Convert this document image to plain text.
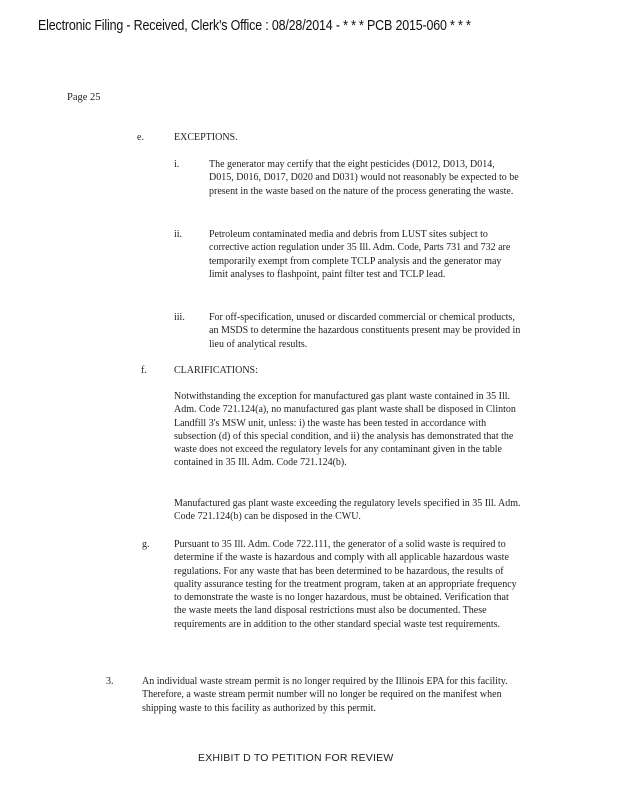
Electronic Filing - Received, Clerk's Office : 08/28/2014 - * * * PCB 2015-060 * * *
Page 25
e.	EXCEPTIONS.
i.	The generator may certify that the eight pesticides (D012, D013, D014, D015, D016, D017, D020 and D031) would not reasonably be expected to be present in the waste based on the nature of the process generating the waste.
ii.	Petroleum contaminated media and debris from LUST sites subject to corrective action regulation under 35 Ill. Adm. Code, Parts 731 and 732 are temporarily exempt from complete TCLP analysis and the generator may limit analyses to flashpoint, paint filter test and TCLP lead.
iii. For off-specification, unused or discarded commercial or chemical products, an MSDS to determine the hazardous constituents present may be provided in lieu of analytical results.
f.	CLARIFICATIONS:
Notwithstanding the exception for manufactured gas plant waste contained in 35 Ill. Adm. Code 721.124(a), no manufactured gas plant waste shall be disposed in Clinton Landfill 3's MSW unit, unless: i) the waste has been tested in accordance with subsection (d) of this special condition, and ii) the analysis has demonstrated that the waste does not exceed the regulatory levels for any contaminant given in the table contained in 35 Ill. Adm. Code 721.124(b).
Manufactured gas plant waste exceeding the regulatory levels specified in 35 Ill. Adm. Code 721.124(b) can be disposed in the CWU.
g. Pursuant to 35 Ill. Adm. Code 722.111, the generator of a solid waste is required to determine if the waste is hazardous and comply with all applicable hazardous waste regulations. For any waste that has been determined to be hazardous, the results of quality assurance testing for the treatment program, taken at an appropriate frequency to demonstrate the waste is no longer hazardous, must be obtained. Verification that the waste meets the land disposal restrictions must also be documented. These requirements are in addition to the other standard special waste test requirements.
3.	An individual waste stream permit is no longer required by the Illinois EPA for this facility. Therefore, a waste stream permit number will no longer be required on the manifest when shipping waste to this facility as authorized by this permit.
EXHIBIT D TO PETITION FOR REVIEW
